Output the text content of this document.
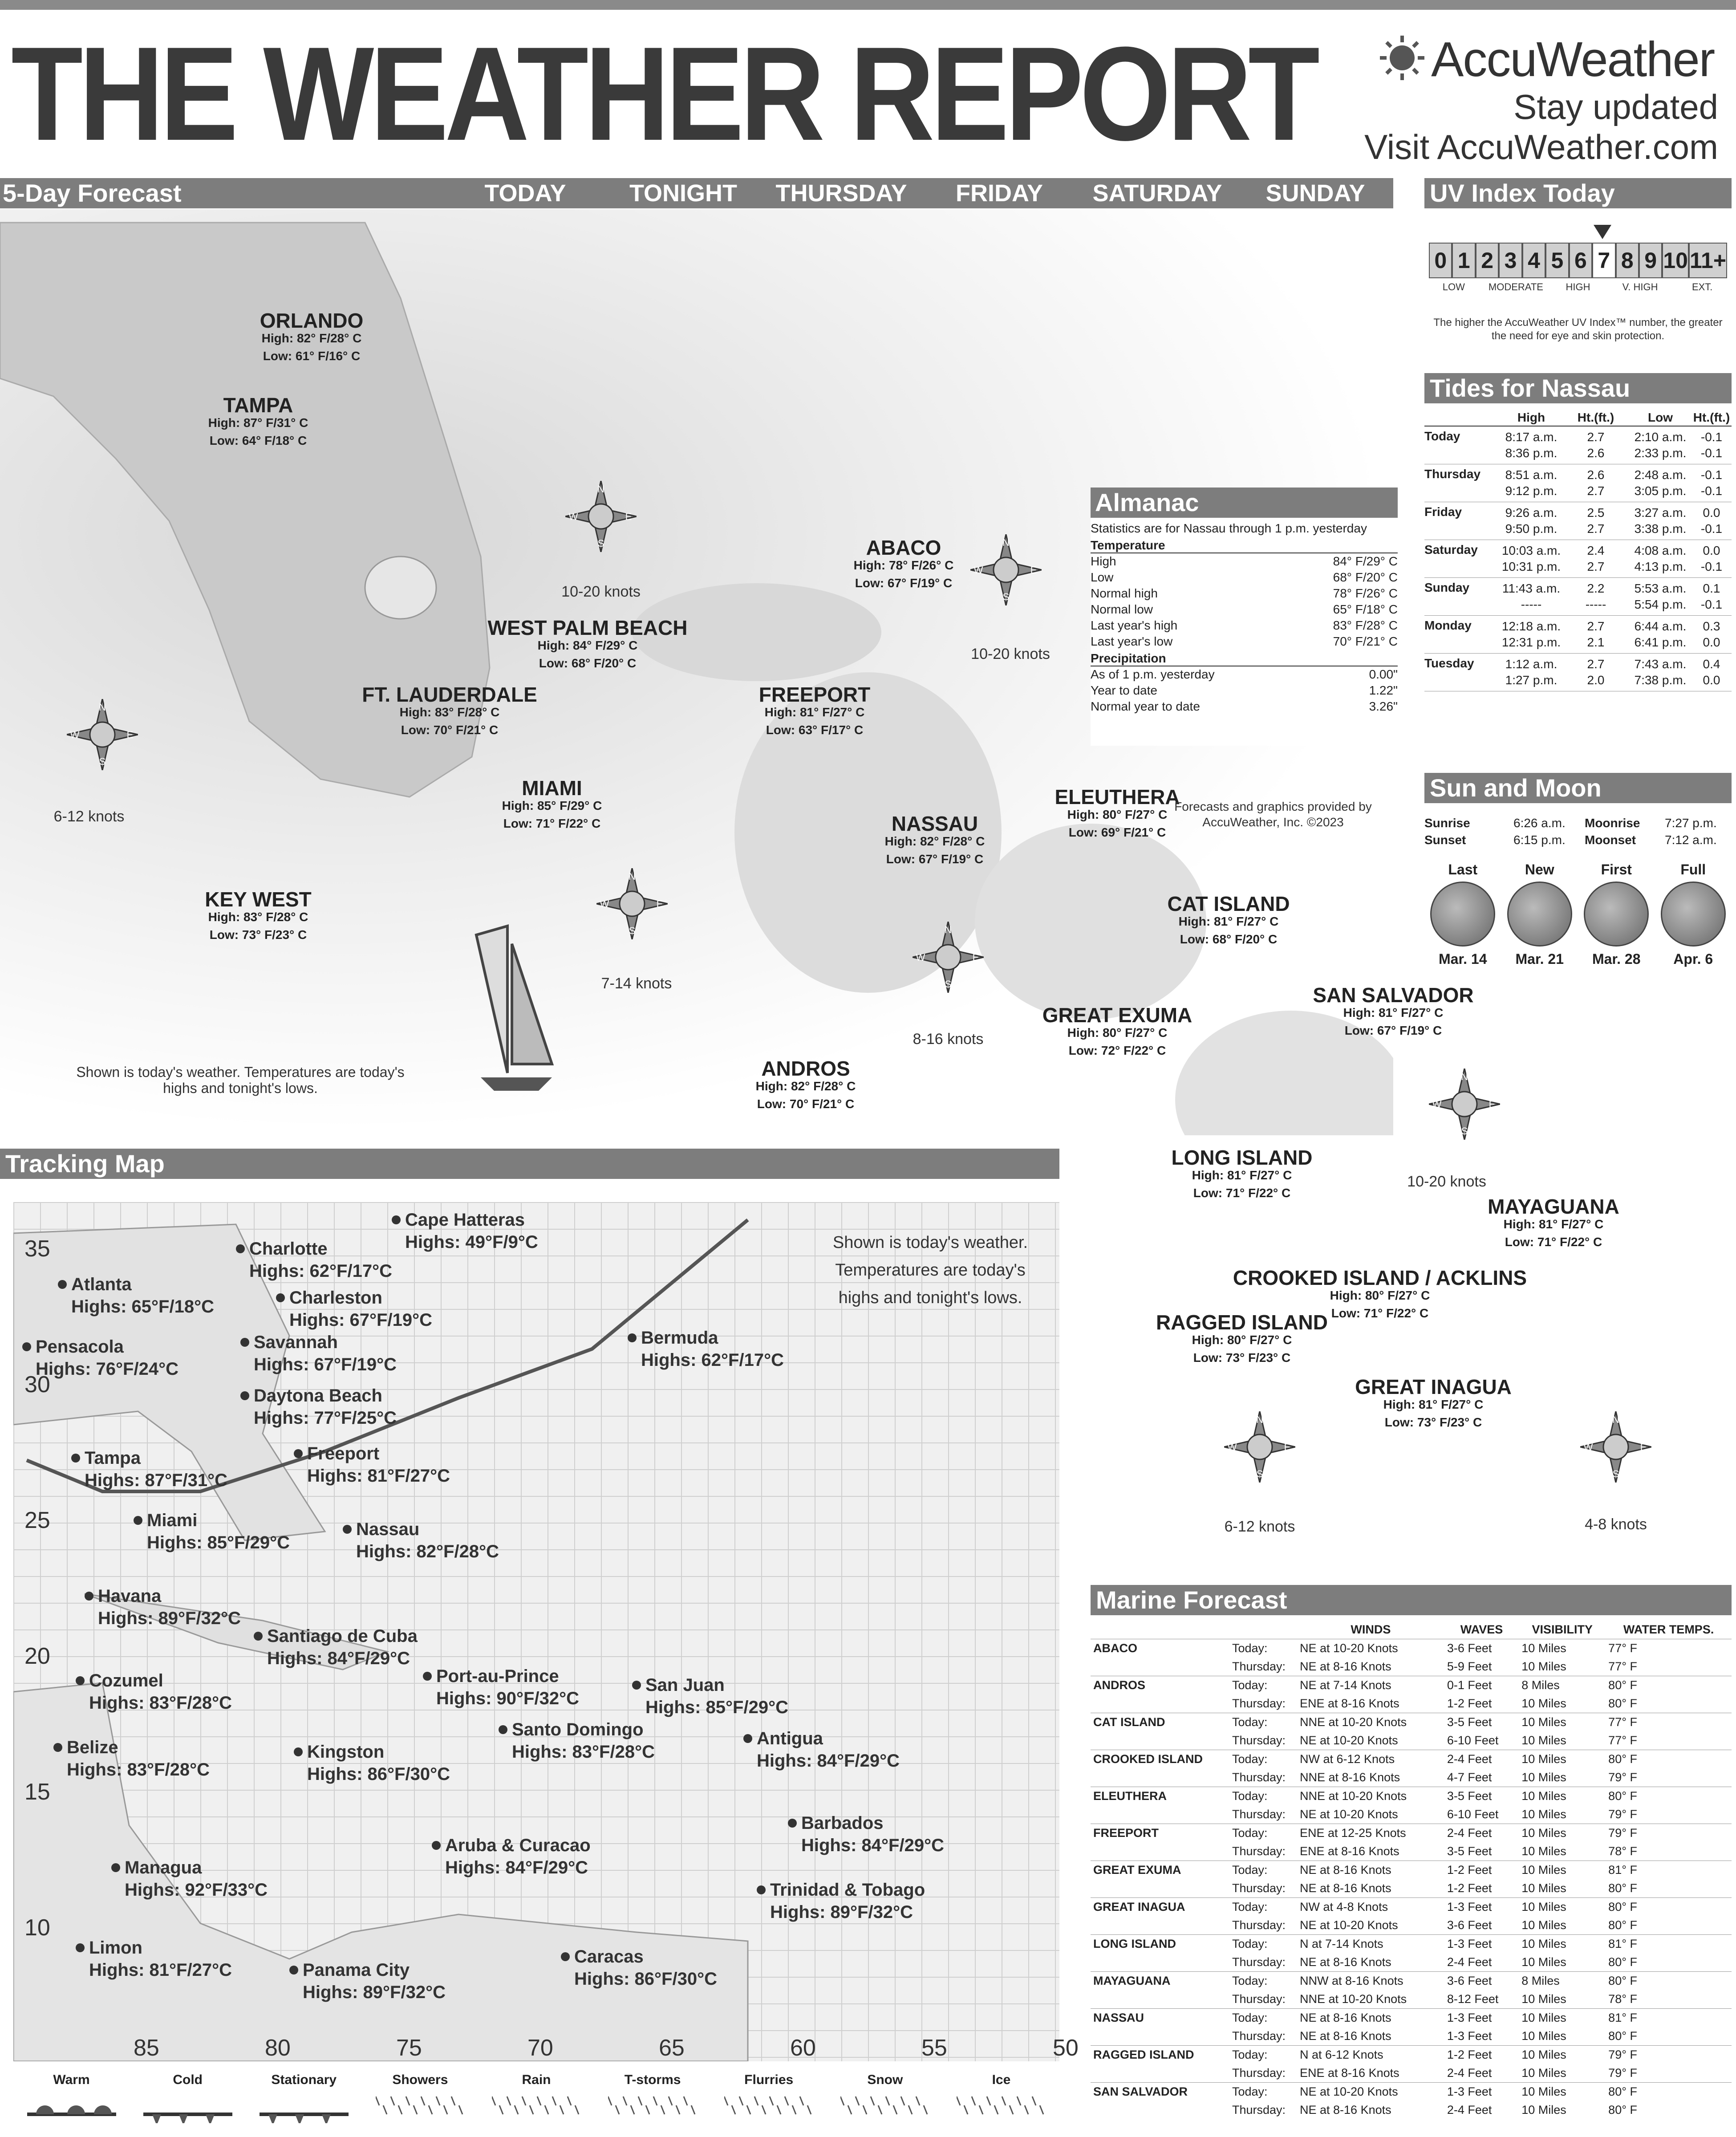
THE WEATHER REPORT AccuWeather
Stay updated
Visit AccuWeather.com
5-Day Forecast	TODAY	TONIGHT	THURSDAY	FRIDAY	SATURDAY	SUNDAY
ORLANDO
High: 82° F/28° C
Low: 61° F/16° C
TAMPA
High: 87° F/31° C
Low: 64° F/18° C
WEST PALM BEACH
High: 84° F/29° C
Low: 68° F/20° C
FT. LAUDERDALE
High: 83° F/28° C
Low: 70° F/21° C
MIAMI
High: 85° F/29° C
Low: 71° F/22° C
KEY WEST
High: 83° F/28° C
Low: 73° F/23° C
ABACO
High: 78° F/26° C
Low: 67° F/19° C
FREEPORT
High: 81° F/27° C
Low: 63° F/17° C
NASSAU
High: 82° F/28° C
Low: 67° F/19° C
ELEUTHERA
High: 80° F/27° C
Low: 69° F/21° C
CAT ISLAND
High: 81° F/27° C
Low: 68° F/20° C
ANDROS
High: 82° F/28° C
Low: 70° F/21° C
GREAT EXUMA
High: 80° F/27° C
Low: 72° F/22° C
SAN SALVADOR
High: 81° F/27° C
Low: 67° F/19° C
LONG ISLAND
High: 81° F/27° C
Low: 71° F/22° C
MAYAGUANA
High: 81° F/27° C
Low: 71° F/22° C
CROOKED ISLAND / ACKLINS
High: 80° F/27° C
Low: 71° F/22° C
RAGGED ISLAND
High: 80° F/27° C
Low: 73° F/23° C
GREAT INAGUA
High: 81° F/27° C
Low: 73° F/23° C
N
S
W	E
10-20 knots
N
S
W	E
10-20 knots
N
S
W	E
6-12 knots
N
S
W	E
7-14 knots
N
S
W	E
8-16 knots
N
S
W	E
10-20 knots
N
S
W	E
6-12 knots
N
S
W	E
4-8 knots
Shown is today's weather. Temperatures are today's highs and tonight's lows.
Forecasts and graphics provided by
AccuWeather, Inc. ©2023
Almanac
Statistics are for Nassau through 1 p.m. yesterday
Temperature
High	84° F/29° C
Low	68° F/20° C
Normal high	78° F/26° C
Normal low	65° F/18° C
Last year's high	83° F/28° C
Last year's low	70° F/21° C
Precipitation
As of 1 p.m. yesterday	0.00"
Year to date	1.22"
Normal year to date	3.26"
UV Index Today
0 1 2 3 4 5 6 7 8 9 10 11+
LOW	MODERATE	HIGH	V. HIGH	EXT.
The higher the AccuWeather UV Index™ number, the greater the need for eye and skin protection.
Tides for Nassau
High	Ht.(ft.)	Low	Ht.(ft.)
Today	8:17 a.m.	2.7	2:10 a.m.	-0.1
8:36 p.m.	2.6	2:33 p.m.	-0.1
Thursday	8:51 a.m.	2.6	2:48 a.m.	-0.1
9:12 p.m.	2.7	3:05 p.m.	-0.1
Friday	9:26 a.m.	2.5	3:27 a.m.	0.0
9:50 p.m.	2.7	3:38 p.m.	-0.1
Saturday	10:03 a.m.	2.4	4:08 a.m.	0.0
10:31 p.m.	2.7	4:13 p.m.	-0.1
Sunday	11:43 a.m.	2.2	5:53 a.m.	0.1
-----	-----	5:54 p.m.	-0.1
Monday	12:18 a.m.	2.7	6:44 a.m.	0.3
12:31 p.m.	2.1	6:41 p.m.	0.0
Tuesday	1:12 a.m.	2.7	7:43 a.m.	0.4
1:27 p.m.	2.0	7:38 p.m.	0.0
Sun and Moon
Sunrise	6:26 a.m.	Moonrise	7:27 p.m.
Sunset	6:15 p.m.	Moonset	7:12 a.m.
Last
Mar. 14
New
Mar. 21
First
Mar. 28
Full
Apr. 6
Tracking Map
Shown is today's weather. Temperatures are today's highs and tonight's lows.
35
30
25
20
15
10
85	80	75	70	65	60	55	50
Cape Hatteras
Highs: 49°F/9°C
Charlotte
Highs: 62°F/17°C
Atlanta
Highs: 65°F/18°C	Charleston
Highs: 67°F/19°C
Savannah
Highs: 67°F/19°C
Pensacola
Highs: 76°F/24°C
Bermuda
Highs: 62°F/17°C
Daytona Beach
Highs: 77°F/25°C
Tampa
Highs: 87°F/31°C
Freeport
Highs: 81°F/27°C
Miami
Highs: 85°F/29°C
Nassau
Highs: 82°F/28°C
Havana
Highs: 89°F/32°C
Santiago de Cuba
Highs: 84°F/29°C
Cozumel
Highs: 83°F/28°C
Port-au-Prince
Highs: 90°F/32°C
San Juan
Highs: 85°F/29°C
Santo Domingo
Highs: 83°F/28°C
Belize
Highs: 83°F/28°C
Kingston
Highs: 86°F/30°C
Antigua
Highs: 84°F/29°C
Barbados
Highs: 84°F/29°C
Aruba & Curacao
Highs: 84°F/29°C
Managua
Highs: 92°F/33°C	Trinidad & Tobago
Highs: 89°F/32°C
Limon
Highs: 81°F/27°C	Panama City
Highs: 89°F/32°C
Caracas
Highs: 86°F/30°C
Warm	Cold	Stationary	Showers	Rain	T-storms	Flurries	Snow	Ice
Marine Forecast
		WINDS	WAVES	VISIBILITY	WATER TEMPS.
ABACO	Today:	NE at 10-20 Knots	3-6 Feet	10 Miles	77° F
	Thursday:	NE at 8-16 Knots	5-9 Feet	10 Miles	77° F
ANDROS	Today:	NE at 7-14 Knots	0-1 Feet	8 Miles	80° F
	Thursday:	ENE at 8-16 Knots	1-2 Feet	10 Miles	80° F
CAT ISLAND	Today:	NNE at 10-20 Knots	3-5 Feet	10 Miles	77° F
	Thursday:	NE at 10-20 Knots	6-10 Feet	10 Miles	77° F
CROOKED ISLAND	Today:	NW at 6-12 Knots	2-4 Feet	10 Miles	80° F
	Thursday:	NNE at 8-16 Knots	4-7 Feet	10 Miles	79° F
ELEUTHERA	Today:	NNE at 10-20 Knots	3-5 Feet	10 Miles	80° F
	Thursday:	NE at 10-20 Knots	6-10 Feet	10 Miles	79° F
FREEPORT	Today:	ENE at 12-25 Knots	2-4 Feet	10 Miles	79° F
	Thursday:	ENE at 8-16 Knots	3-5 Feet	10 Miles	78° F
GREAT EXUMA	Today:	NE at 8-16 Knots	1-2 Feet	10 Miles	81° F
	Thursday:	NE at 8-16 Knots	1-2 Feet	10 Miles	80° F
GREAT INAGUA	Today:	NW at 4-8 Knots	1-3 Feet	10 Miles	80° F
	Thursday:	NE at 10-20 Knots	3-6 Feet	10 Miles	80° F
LONG ISLAND	Today:	N at 7-14 Knots	1-3 Feet	10 Miles	81° F
	Thursday:	NE at 8-16 Knots	2-4 Feet	10 Miles	80° F
MAYAGUANA	Today:	NNW at 8-16 Knots	3-6 Feet	8 Miles	80° F
	Thursday:	NNE at 10-20 Knots	8-12 Feet	10 Miles	78° F
NASSAU	Today:	NE at 8-16 Knots	1-3 Feet	10 Miles	81° F
	Thursday:	NE at 8-16 Knots	1-3 Feet	10 Miles	80° F
RAGGED ISLAND	Today:	N at 6-12 Knots	1-2 Feet	10 Miles	79° F
	Thursday:	ENE at 8-16 Knots	2-4 Feet	10 Miles	79° F
SAN SALVADOR	Today:	NE at 10-20 Knots	1-3 Feet	10 Miles	80° F
	Thursday:	NE at 8-16 Knots	2-4 Feet	10 Miles	80° F
